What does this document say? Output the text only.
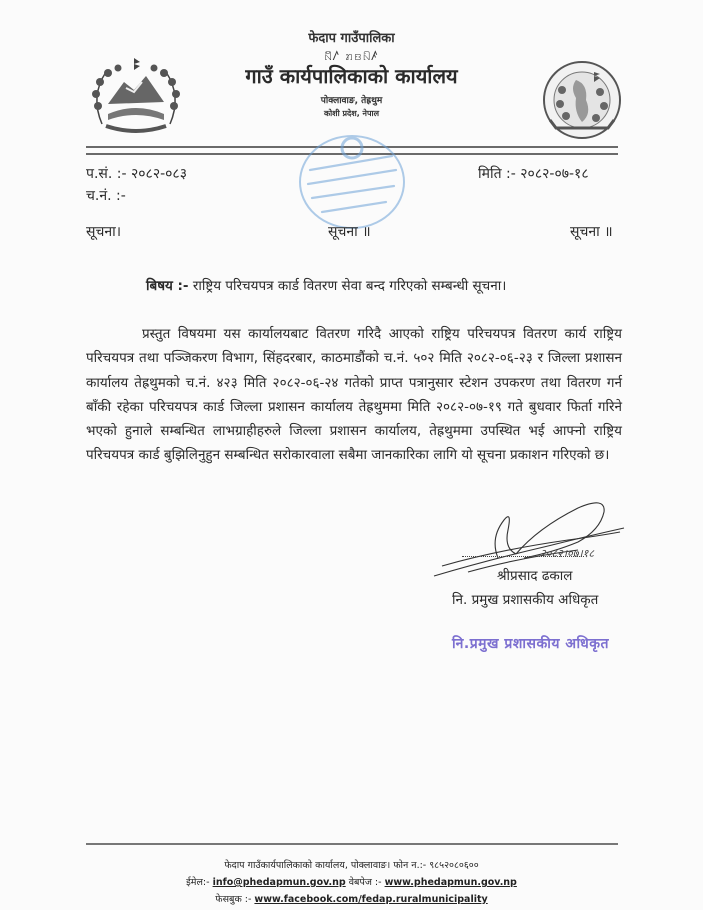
फेदाप गाउँपालिका
ꤡꤩꤱ ꤊꤢꤡꤰ
गाउँ कार्यपालिकाको कार्यालय
पोक्लावाङ, तेह्रथुम
कोशी प्रदेश, नेपाल
प.सं. :- २०८२-०८३
च.नं. :-
मिति :- २०८२-०७-१८
सूचना।	सूचना ॥	सूचना ॥
बिषय :- राष्ट्रिय परिचयपत्र कार्ड वितरण सेवा बन्द गरिएको सम्बन्धी सूचना।
प्रस्तुत विषयमा यस कार्यालयबाट वितरण गरिदै आएको राष्ट्रिय परिचयपत्र वितरण कार्य राष्ट्रिय परिचयपत्र तथा पञ्जिकरण विभाग, सिंहदरबार, काठमाडौंको च.नं. ५०२ मिति २०८२-०६-२३ र जिल्ला प्रशासन कार्यालय तेह्रथुमको च.नं. ४२३ मिति २०८२-०६-२४ गतेको प्राप्त पत्रानुसार स्टेशन उपकरण तथा वितरण गर्न बाँकी रहेका परिचयपत्र कार्ड जिल्ला प्रशासन कार्यालय तेह्रथुममा मिति २०८२-०७-१९ गते बुधवार फिर्ता गरिने भएको हुनाले सम्बन्धित लाभग्राहीहरुले जिल्ला प्रशासन कार्यालय, तेह्रथुममा उपस्थित भई आफ्नो राष्ट्रिय परिचयपत्र कार्ड बुझिलिनुहुन सम्बन्धित सरोकारवाला सबैमा जानकारिका लागि यो सूचना प्रकाशन गरिएको छ।
२०८२।०७।१८
श्रीप्रसाद ढकाल
नि. प्रमुख प्रशासकीय अधिकृत
नि.प्रमुख प्रशासकीय अधिकृत
फेदाप गाउँकार्यपालिकाको कार्यालय, पोक्लावाङ। फोन न.:- ९८५२०८०६००
ईमेल:- info@phedapmun.gov.np वेबपेज :- www.phedapmun.gov.np
फेसबुक :- www.facebook.com/fedap.ruralmunicipality
